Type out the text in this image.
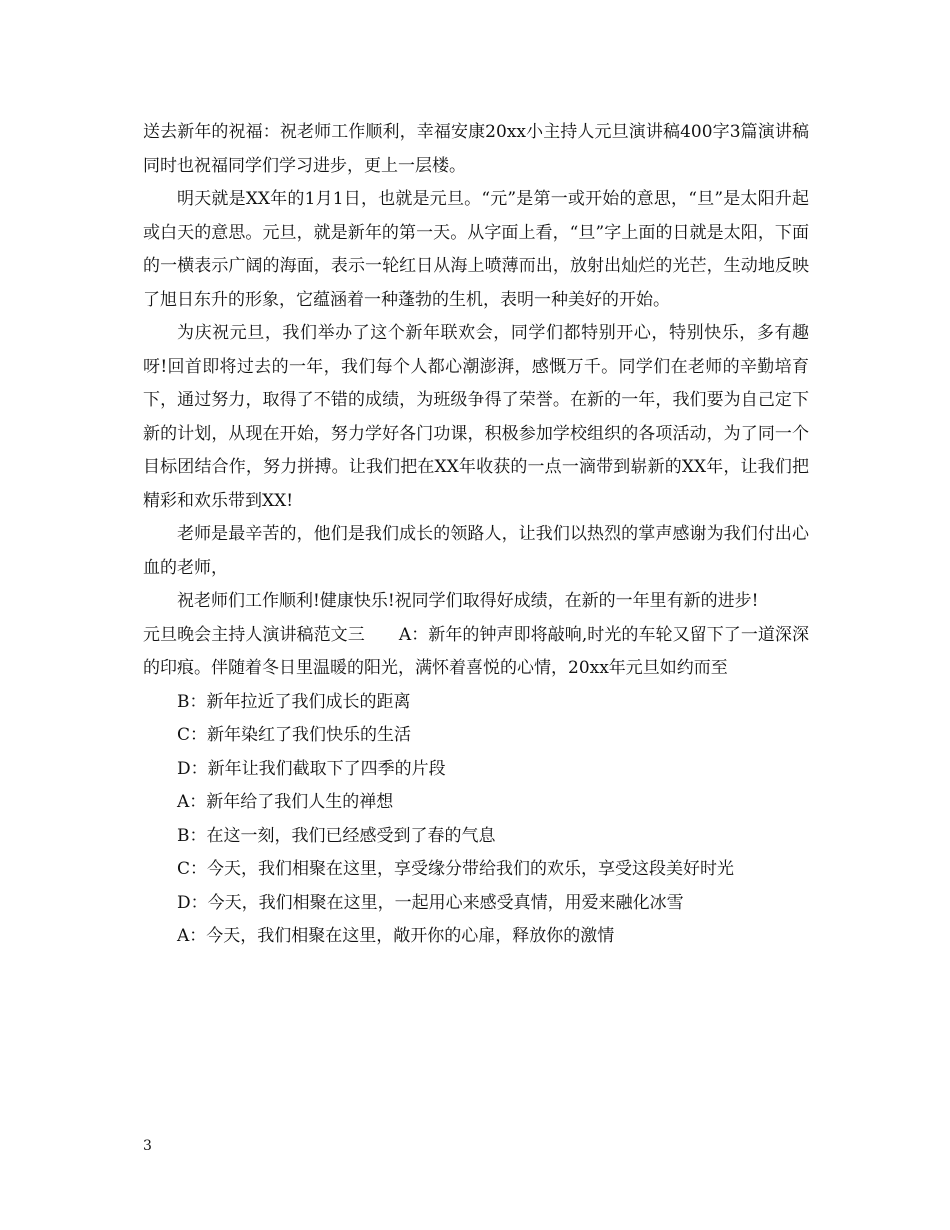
送去新年的祝福：祝老师工作顺利，幸福安康20xx小主持人元旦演讲稿400字3篇演讲稿同时也祝福同学们学习进步，更上一层楼。

明天就是XX年的1月1日，也就是元旦。“元”是第一或开始的意思，“旦”是太阳升起或白天的意思。元旦，就是新年的第一天。从字面上看，“旦”字上面的日就是太阳，下面的一横表示广阔的海面，表示一轮红日从海上喷薄而出，放射出灿烂的光芒，生动地反映了旭日东升的形象，它蕴涵着一种蓬勃的生机，表明一种美好的开始。

为庆祝元旦，我们举办了这个新年联欢会，同学们都特别开心，特别快乐，多有趣呀!回首即将过去的一年，我们每个人都心潮澎湃，感慨万千。同学们在老师的辛勤培育下，通过努力，取得了不错的成绩，为班级争得了荣誉。在新的一年，我们要为自己定下新的计划，从现在开始，努力学好各门功课，积极参加学校组织的各项活动，为了同一个目标团结合作，努力拼搏。让我们把在XX年收获的一点一滴带到崭新的XX年，让我们把精彩和欢乐带到XX!

老师是最辛苦的，他们是我们成长的领路人，让我们以热烈的掌声感谢为我们付出心血的老师，

祝老师们工作顺利!健康快乐!祝同学们取得好成绩，在新的一年里有新的进步!

元旦晚会主持人演讲稿范文三　　A：新年的钟声即将敲响,时光的车轮又留下了一道深深的印痕。伴随着冬日里温暖的阳光，满怀着喜悦的心情，20xx年元旦如约而至

B：新年拉近了我们成长的距离

C：新年染红了我们快乐的生活

D：新年让我们截取下了四季的片段

A：新年给了我们人生的禅想

B：在这一刻，我们已经感受到了春的气息

C：今天，我们相聚在这里，享受缘分带给我们的欢乐，享受这段美好时光

D：今天，我们相聚在这里，一起用心来感受真情，用爱来融化冰雪

A：今天，我们相聚在这里，敞开你的心扉，释放你的激情

3
